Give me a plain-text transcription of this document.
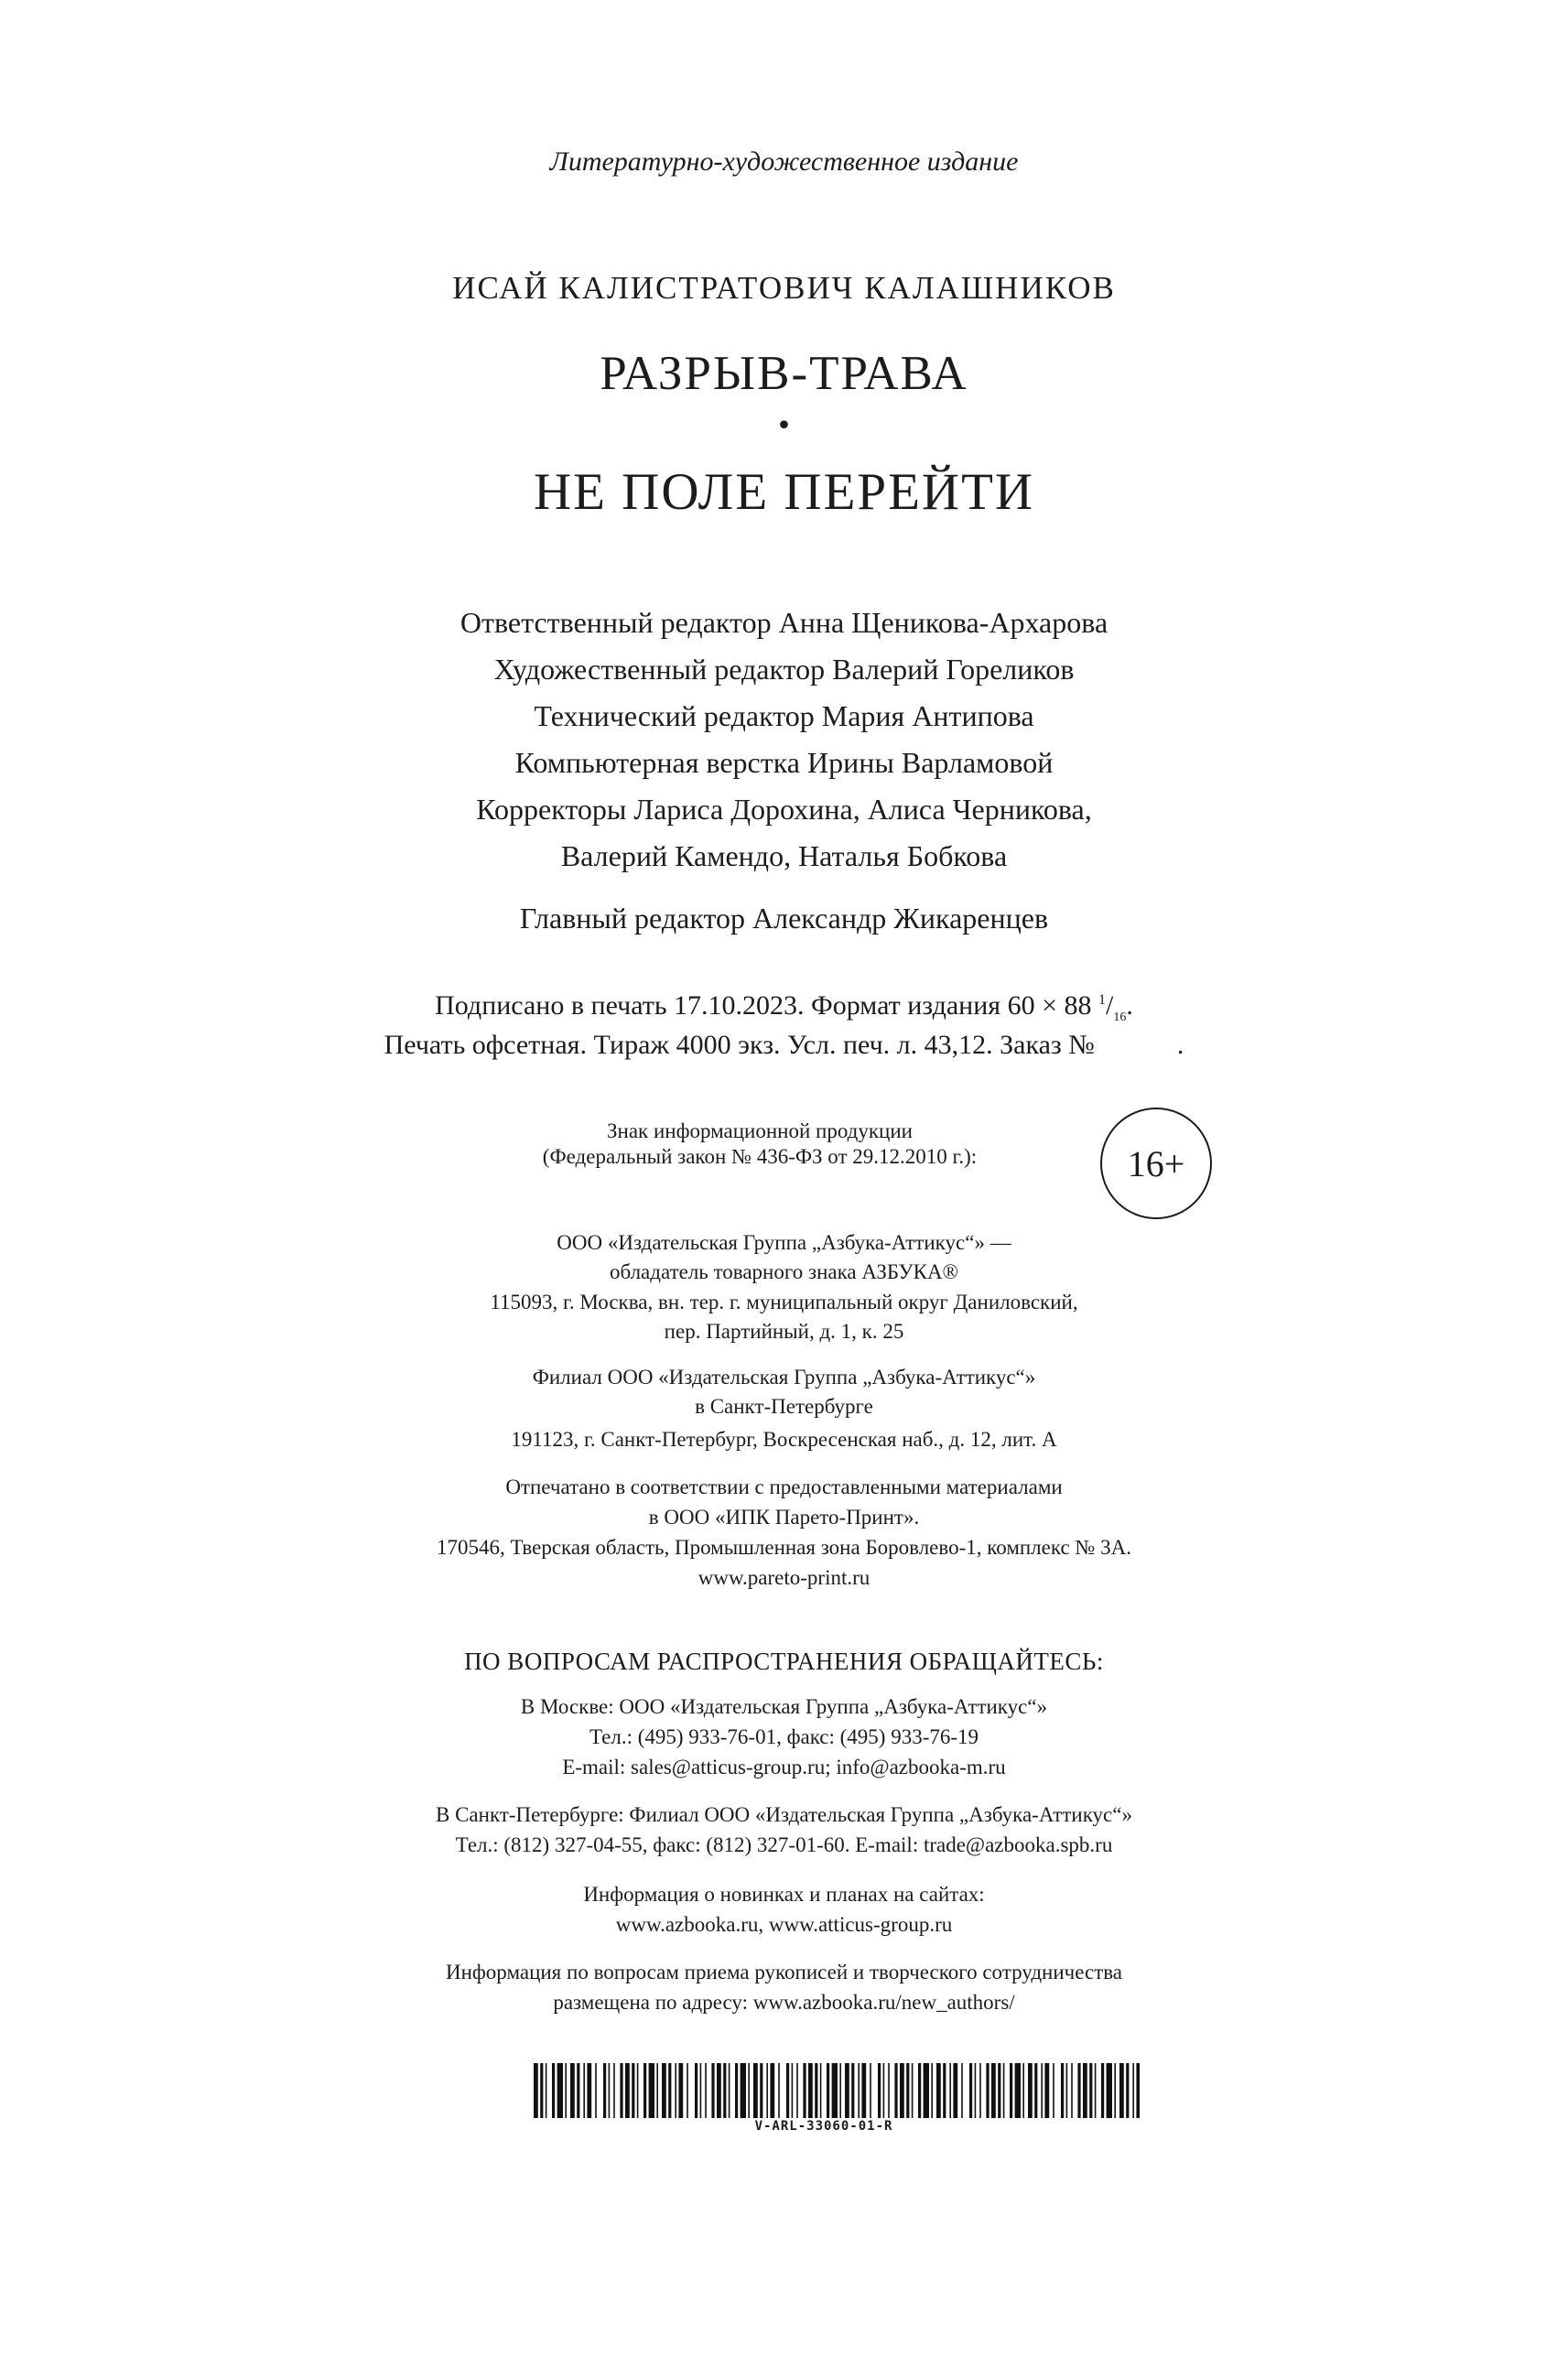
Литературно-художественное издание
ИСАЙ КАЛИСТРАТОВИЧ КАЛАШНИКОВ
РАЗРЫВ-ТРАВА
•
НЕ ПОЛЕ ПЕРЕЙТИ
Ответственный редактор Анна Щеникова-Архарова
Художественный редактор Валерий Гореликов
Технический редактор Мария Антипова
Компьютерная верстка Ирины Варламовой
Корректоры Лариса Дорохина, Алиса Черникова,
Валерий Камендо, Наталья Бобкова
Главный редактор Александр Жикаренцев
Подписано в печать 17.10.2023. Формат издания 60 × 88 $^1/_{16}$.
Печать офсетная. Тираж 4000 экз. Усл. печ. л. 43,12. Заказ №	.
Знак информационной продукции
(Федеральный закон № 436-ФЗ от 29.12.2010 г.):	16+
ООО «Издательская Группа „Азбука-Аттикус“» —
обладатель товарного знака АЗБУКА®
115093, г. Москва, вн. тер. г. муниципальный округ Даниловский,
пер. Партийный, д. 1, к. 25
Филиал ООО «Издательская Группа „Азбука-Аттикус“»
в Санкт-Петербурге
191123, г. Санкт-Петербург, Воскресенская наб., д. 12, лит. А
Отпечатано в соответствии с предоставленными материалами
в ООО «ИПК Парето-Принт».
170546, Тверская область, Промышленная зона Боровлево-1, комплекс № 3А.
www.pareto-print.ru
ПО ВОПРОСАМ РАСПРОСТРАНЕНИЯ ОБРАЩАЙТЕСЬ:
В Москве: ООО «Издательская Группа „Азбука-Аттикус“»
Тел.: (495) 933-76-01, факс: (495) 933-76-19
E-mail: sales@atticus-group.ru; info@azbooka-m.ru
В Санкт-Петербурге: Филиал ООО «Издательская Группа „Азбука-Аттикус“»
Тел.: (812) 327-04-55, факс: (812) 327-01-60. E-mail: trade@azbooka.spb.ru
Информация о новинках и планах на сайтах:
www.azbooka.ru, www.atticus-group.ru
Информация по вопросам приема рукописей и творческого сотрудничества
размещена по адресу: www.azbooka.ru/new_authors/
V-ARL-33060-01-R
